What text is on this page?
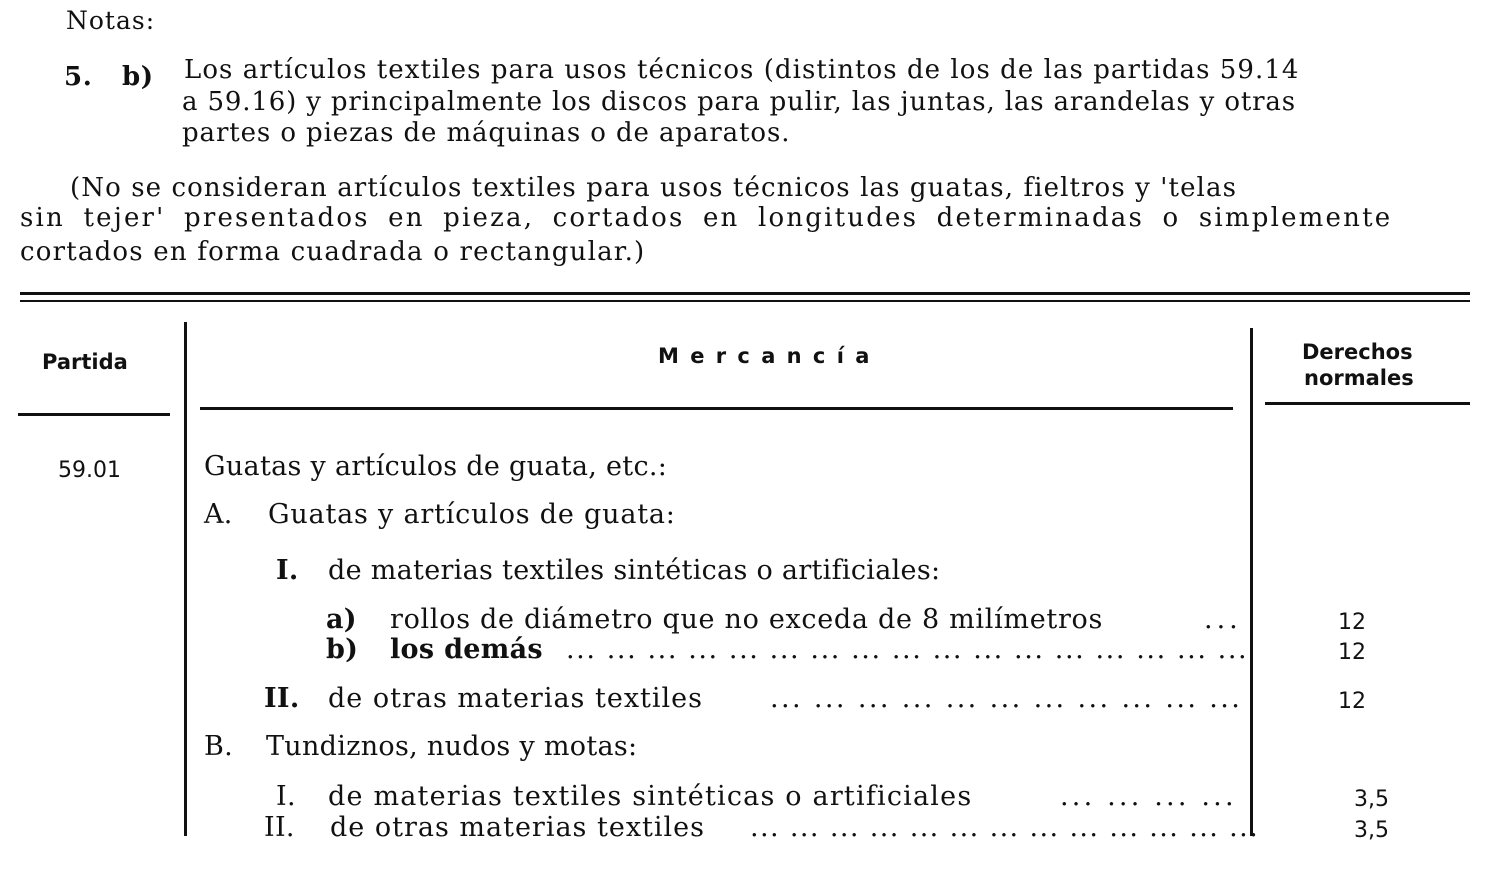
Notas:
5. b) Los artículos textiles para usos técnicos (distintos de los de las partidas 59.14
a 59.16) y principalmente los discos para pulir, las juntas, las arandelas y otras
partes o piezas de máquinas o de aparatos.
(No se consideran artículos textiles para usos técnicos las guatas, fieltros y 'telas
sin tejer' presentados en pieza, cortados en longitudes determinadas o simplemente
cortados en forma cuadrada o rectangular.)
Partida	M e r c a n c í a	Derechos
normales
59.01	Guatas y artículos de guata, etc.:
A. Guatas y artículos de guata:
I. de materias textiles sintéticas o artificiales:
a) rollos de diámetro que no exceda de 8 milímetros	...	12
b) los demás ... ... ... ... ... ... ... ... ... ... ... ... ... ... ... ... ...	12
II. de otras materias textiles ... ... ... ... ... ... ... ... ... ... ...	12
B. Tundiznos, nudos y motas:
I. de materias textiles sintéticas o artificiales	... ... ... ...	3,5
II. de otras materias textiles ... ... ... ... ... ... ... ... ... ... ... ... ...	3,5
